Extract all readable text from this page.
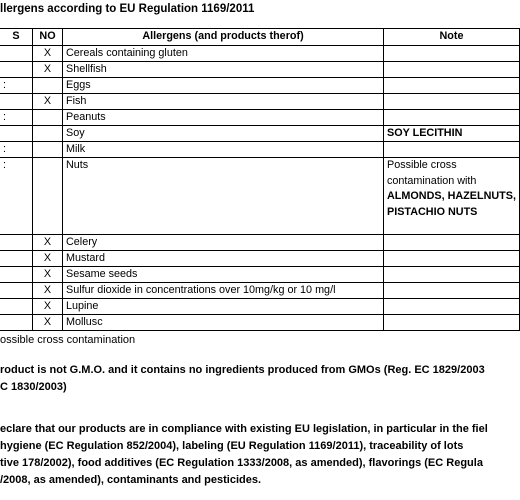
llergens according to EU Regulation 1169/2011
S	NO	Allergens (and products therof)	Note
	X	Cereals containing gluten	
	X	Shellfish	
:		Eggs	
	X	Fish	
:		Peanuts	
		Soy	SOY LECITHIN
:		Milk	
:		Nuts	Possible cross contamination with ALMONDS, HAZELNUTS, PISTACHIO NUTS
	X	Celery	
	X	Mustard	
	X	Sesame seeds	
	X	Sulfur dioxide in concentrations over 10mg/kg or 10 mg/l	
	X	Lupine	
	X	Mollusc	
ossible cross contamination
roduct is not G.M.O. and it contains no ingredients produced from GMOs (Reg. EC 1829/2003
C 1830/2003)
eclare that our products are in compliance with existing EU legislation, in particular in the fiel
hygiene (EC Regulation 852/2004), labeling (EU Regulation 1169/2011), traceability of lots
tive 178/2002), food additives (EC Regulation 1333/2008, as amended), flavorings (EC Regula
/2008, as amended), contaminants and pesticides.
